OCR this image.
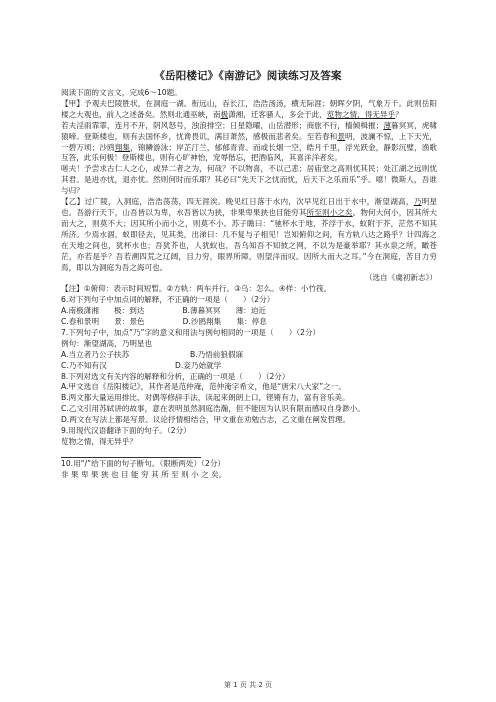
《岳阳楼记》《南游记》阅读练习及答案

阅读下面的文言文，完成6～10题。

【甲】予观夫巴陵胜状，在洞庭一湖。衔远山，吞长江，浩浩汤汤，横无际涯；朝晖夕阴，气象万千。此则岳阳楼之大观也，前人之述备矣。然则北通巫峡，南极潇湘，迁客骚人，多会于此，览物之情，得无异乎？

若夫淫雨霏霏，连月不开，阴风怒号，浊浪排空；日星隐曜，山岳潜形；商旅不行，樯倾楫摧；薄暮冥冥，虎啸猿啼。登斯楼也，则有去国怀乡，忧谗畏讥，满目萧然，感极而悲者矣。至若春和景明，波澜不惊，上下天光，一碧万顷；沙鸥翔集，锦鳞游泳；岸芷汀兰，郁郁青青。而或长烟一空，皓月千里，浮光跃金，静影沉璧，渔歌互答，此乐何极！登斯楼也，则有心旷神怡，宠辱偕忘，把酒临风，其喜洋洋者矣。

嗟夫！予尝求古仁人之心，或异二者之为，何哉？不以物喜，不以己悲；居庙堂之高则忧其民；处江湖之远则忧其君。是进亦忧，退亦忧。然则何时而乐耶？其必曰“先天下之忧而忧，后天下之乐而乐”乎。噫！微斯人，吾谁与归？

【乙】过广陵，入洞庭，浩浩荡荡，四无涯涘。晚见红日落于水内，次早见红日出于水中，渐望湖高，乃明星也。吾游行天下，山吾皆以为卑，水吾皆以为狭，非果卑果狭也目能穷其所至则小之矣。物何大何小，因其所大而大之，则莫不大；因其所小而小之，则莫不小。苏子瞻曰：“驰杯水于地，芥浮于水，蚁附于芥，茫然不知其所济。少焉水涸，蚁即径去，见其类，出涕曰：几不复与子相见！岂知俯仰之间，有方轨八达之路乎？计四海之在天地之间也，犹杯水也；吾犹芥也，人犹蚁也，吾乌知吾不知彼之网，不以为是豪举耶？其水泉之所，瞰苍茫，亦若是乎？吾若溯四荒之辽阔，目力穷，眼界所障，则望洋而叹。因所大而大之耳。”今在洞庭，苦目力穷焉，即以为洞庭为吾之海可也。

（选自《虞初新志》）

【注】①俯仰：表示时间短暂。②方轨：两车并行。③乌：怎么。④样：小竹筏。

6.对下列句子中加点词的解释，不正确的一项是（　　）（2分）

A.南极潇湘　　 极：到达　　　　　	B.薄暮冥冥　　 薄：迫近

C.春和景明　　 景：景色　　　　　	D.沙鸥翔集　　 集：停息

7.下列句子中，加点“乃”字的意义和用法与例句相同的一项是（　　）（2分）

例句：渐望湖高，乃明星也

A.当立者乃公子扶苏　　　　　　　　	B.乃悟前狼假寐

C.乃不知有汉　　　　　　　　　	D.妾乃始就学

8.下列对选文有关内容的解释和分析，正确的一项是（　　）（2分）

A.甲文选自《岳阳楼记》，其作者是范仲淹，范仲淹字希文，他是“唐宋八大家”之一。

B.两文都大量运用排比、对偶等修辞手法，读起来朗朗上口，铿锵有力，富有音乐美。

C.乙文引用苏轼讲的故事，意在表明虽然洞庭浩瀚，但不能因为认识有限而感叹自身渺小。

D.两文在写法上都是写景、议论抒情相结合，甲文重在劝勉古志，乙文重在阐发哲理。

9.用现代汉语翻译下面的句子。（2分）

览物之情，得无异乎？

10.用“/”给下面的句子断句。（限断两处）（2分）

非 果 卑 果 狭 也 目 能 穷 其 所 至 则 小 之 矣。

第 1 页 共 2 页
